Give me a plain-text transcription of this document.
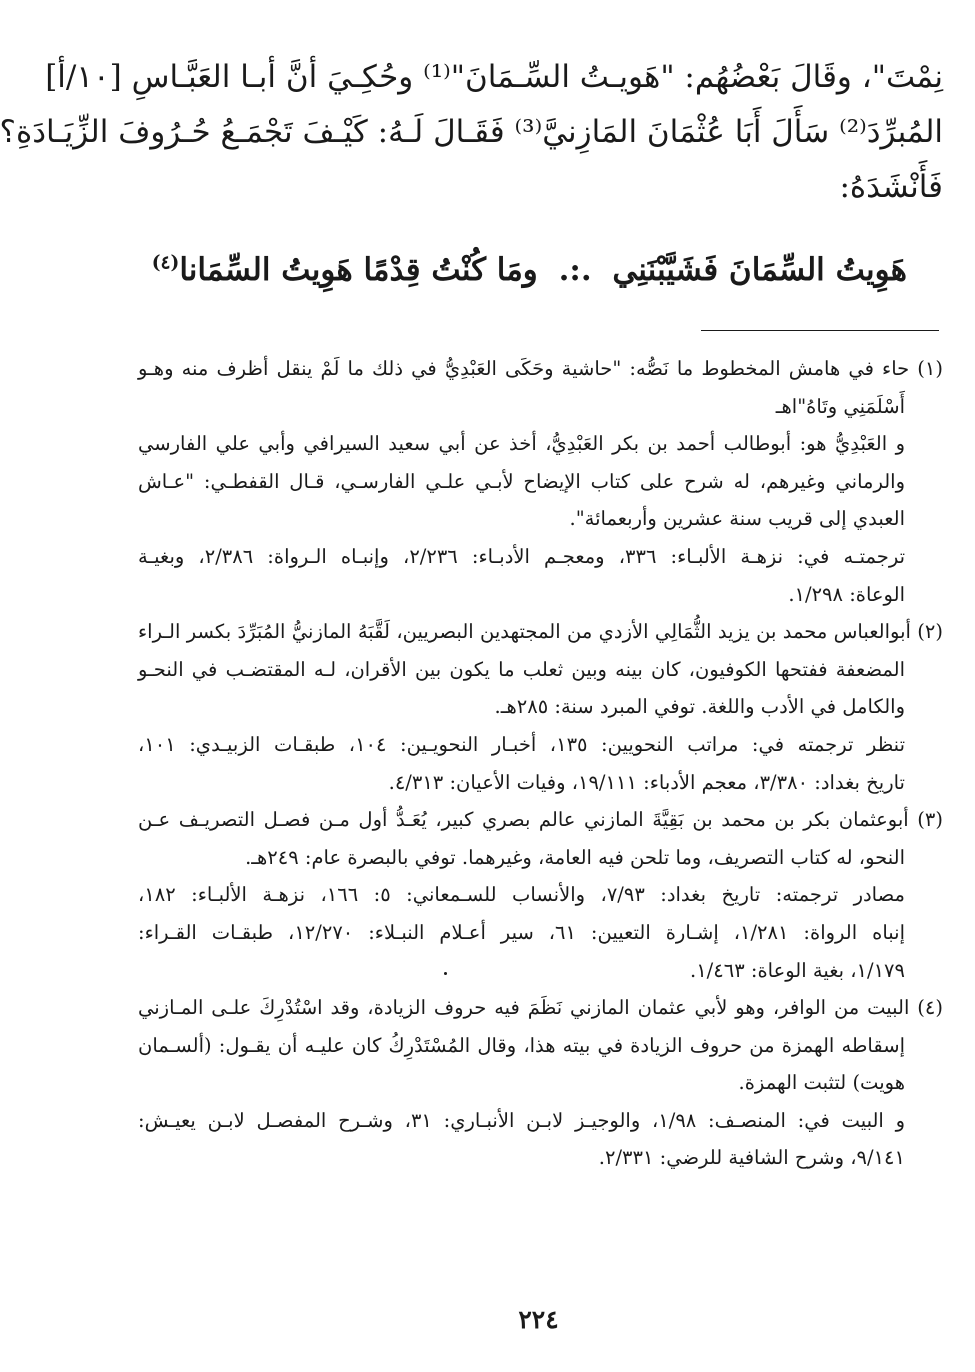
نِمْتَ"، وقَالَ بَعْضُهُم: "هَويـتُ السِّـمَانَ"⁽¹⁾ وحُكِـيَ أنَّ أبـا العَبَّـاسِ [١٠/أ]
المُبرِّدَ⁽²⁾ سَأَلَ أَبَا عُثْمَانَ المَازِنيَّ⁽³⁾ فَقَـالَ لَـهُ: كَيْـفَ تَجْمَـعُ حُـرُوفَ الزِّيَـادَةِ؟
فَأَنْشَدَهُ:
هَوِيتُ السِّمَانَ فَشَيَّبْنَنِي .:. ومَا كُنْتُ قِدْمًا هَوِيتُ السِّمَانا$^{(٤)}$
(١) حاء في هامش المخطوط ما نَصُّه: "حاشية وحَكَى العَبْدِيُّ في ذلك ما لَمْ ينقل أظرف منه وهـو
أَسْلَمَنِي وتَاهُ"اهـ
و العَبْدِيُّ هو: أبوطالب أحمد بن بكر العَبْدِيُّ، أخذ عن أبي سعيد السيرافي وأبي علي الفارسي
والرماني وغيرهم، له شرح على كتاب الإيضاح لأبـي علـي الفارسـي، قـال القفطـي: "عـاش
العبدي إلى قريب سنة عشرين وأربعمائة".
ترجمتـه في: نزهـة الألبـاء: ٣٣٦، ومعجـم الأدبـاء: ٢/٢٣٦، وإنبـاه الـرواة: ٢/٣٨٦، وبغيـة
الوعاة: ١/٢٩٨.
(٢) أبوالعباس محمد بن يزيد الثُّمَالِي الأزدي من المجتهدين البصريين، لَقَّبَهُ المازنيُّ المُبَرِّدَ بكسر الـراء
المضعفة ففتحها الكوفيون، كان بينه وبين ثعلب ما يكون بين الأقران، لـه المقتضـب في النحـو
والكامل في الأدب واللغة. توفي المبرد سنة: ٢٨٥هـ.
تنظر ترجمته في: مراتب النحويين: ١٣٥، أخبـار النحويـين: ١٠٤، طبقـات الزبيـدي: ١٠١،
تاريخ بغداد: ٣/٣٨٠، معجم الأدباء: ١٩/١١١، وفيات الأعيان: ٤/٣١٣.
(٣) أبوعثمان بكر بن محمد بن بَقِيَّةَ المازني عالم بصري كبير، يُعَـدُّ أول مـن فصـل التصريـف عـن
النحو، له كتاب التصريف، وما تلحن فيه العامة، وغيرهما. توفي بالبصرة عام: ٢٤٩هـ.
مصادر ترجمته: تاريخ بغداد: ٧/٩٣، والأنساب للسـمعاني: ٥: ١٦٦، نزهـة الألبـاء: ١٨٢،
إنباه الرواة: ١/٢٨١، إشـارة التعيين: ٦١، سير أعـلام النبـلاء: ١٢/٢٧٠، طبقـات القـراء:
١/١٧٩، بغية الوعاة: ١/٤٦٣.
(٤) البيت من الوافر، وهو لأبي عثمان المازني نَظَمَ فيه حروف الزيادة، وقد اسْتُدْرِكَ علـى المـازني
إسقاطه الهمزة من حروف الزيادة في بيته هذا، وقال المُسْتَدْرِكُ كان عليـه أن يقـول: (ألسـمان
هويت) لتثبت الهمزة.
و البيت في: المنصـف: ١/٩٨، والوجيـز لابـن الأنبـاري: ٣١، وشـرح المفصـل لابـن يعيـش:
٩/١٤١، وشرح الشافية للرضي: ٢/٣٣١.
٢٢٤
